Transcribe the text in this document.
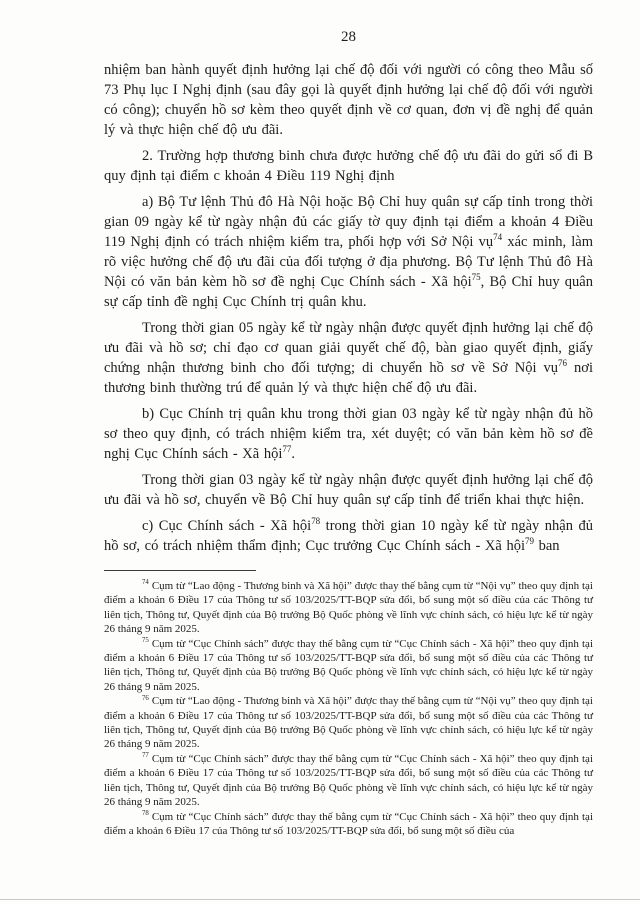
28

nhiệm ban hành quyết định hưởng lại chế độ đối với người có công theo Mẫu số 73 Phụ lục I Nghị định (sau đây gọi là quyết định hưởng lại chế độ đối với người có công); chuyển hồ sơ kèm theo quyết định về cơ quan, đơn vị đề nghị để quản lý và thực hiện chế độ ưu đãi.

2. Trường hợp thương binh chưa được hưởng chế độ ưu đãi do gửi sổ đi B quy định tại điểm c khoản 4 Điều 119 Nghị định

a) Bộ Tư lệnh Thủ đô Hà Nội hoặc Bộ Chỉ huy quân sự cấp tỉnh trong thời gian 09 ngày kể từ ngày nhận đủ các giấy tờ quy định tại điểm a khoản 4 Điều 119 Nghị định có trách nhiệm kiểm tra, phối hợp với Sở Nội vụ$^{74}$ xác minh, làm rõ việc hưởng chế độ ưu đãi của đối tượng ở địa phương. Bộ Tư lệnh Thủ đô Hà Nội có văn bản kèm hồ sơ đề nghị Cục Chính sách - Xã hội$^{75}$, Bộ Chỉ huy quân sự cấp tỉnh đề nghị Cục Chính trị quân khu.

Trong thời gian 05 ngày kể từ ngày nhận được quyết định hưởng lại chế độ ưu đãi và hồ sơ; chỉ đạo cơ quan giải quyết chế độ, bàn giao quyết định, giấy chứng nhận thương binh cho đối tượng; di chuyển hồ sơ về Sở Nội vụ$^{76}$ nơi thương binh thường trú để quản lý và thực hiện chế độ ưu đãi.

b) Cục Chính trị quân khu trong thời gian 03 ngày kể từ ngày nhận đủ hồ sơ theo quy định, có trách nhiệm kiểm tra, xét duyệt; có văn bản kèm hồ sơ đề nghị Cục Chính sách - Xã hội$^{77}$.

Trong thời gian 03 ngày kể từ ngày nhận được quyết định hưởng lại chế độ ưu đãi và hồ sơ, chuyển về Bộ Chỉ huy quân sự cấp tỉnh để triển khai thực hiện.

c) Cục Chính sách - Xã hội$^{78}$ trong thời gian 10 ngày kể từ ngày nhận đủ hồ sơ, có trách nhiệm thẩm định; Cục trưởng Cục Chính sách - Xã hội$^{79}$ ban

$^{74}$ Cụm từ “Lao động - Thương binh và Xã hội” được thay thế bằng cụm từ “Nội vụ” theo quy định tại điểm a khoản 6 Điều 17 của Thông tư số 103/2025/TT-BQP sửa đổi, bổ sung một số điều của các Thông tư liên tịch, Thông tư, Quyết định của Bộ trưởng Bộ Quốc phòng về lĩnh vực chính sách, có hiệu lực kể từ ngày 26 tháng 9 năm 2025.

$^{75}$ Cụm từ “Cục Chính sách” được thay thế bằng cụm từ “Cục Chính sách - Xã hội” theo quy định tại điểm a khoản 6 Điều 17 của Thông tư số 103/2025/TT-BQP sửa đổi, bổ sung một số điều của các Thông tư liên tịch, Thông tư, Quyết định của Bộ trưởng Bộ Quốc phòng về lĩnh vực chính sách, có hiệu lực kể từ ngày 26 tháng 9 năm 2025.

$^{76}$ Cụm từ “Lao động - Thương binh và Xã hội” được thay thế bằng cụm từ “Nội vụ” theo quy định tại điểm a khoản 6 Điều 17 của Thông tư số 103/2025/TT-BQP sửa đổi, bổ sung một số điều của các Thông tư liên tịch, Thông tư, Quyết định của Bộ trưởng Bộ Quốc phòng về lĩnh vực chính sách, có hiệu lực kể từ ngày 26 tháng 9 năm 2025.

$^{77}$ Cụm từ “Cục Chính sách” được thay thế bằng cụm từ “Cục Chính sách - Xã hội” theo quy định tại điểm a khoản 6 Điều 17 của Thông tư số 103/2025/TT-BQP sửa đổi, bổ sung một số điều của các Thông tư liên tịch, Thông tư, Quyết định của Bộ trưởng Bộ Quốc phòng về lĩnh vực chính sách, có hiệu lực kể từ ngày 26 tháng 9 năm 2025.

$^{78}$ Cụm từ “Cục Chính sách” được thay thế bằng cụm từ “Cục Chính sách - Xã hội” theo quy định tại điểm a khoản 6 Điều 17 của Thông tư số 103/2025/TT-BQP sửa đổi, bổ sung một số điều của
